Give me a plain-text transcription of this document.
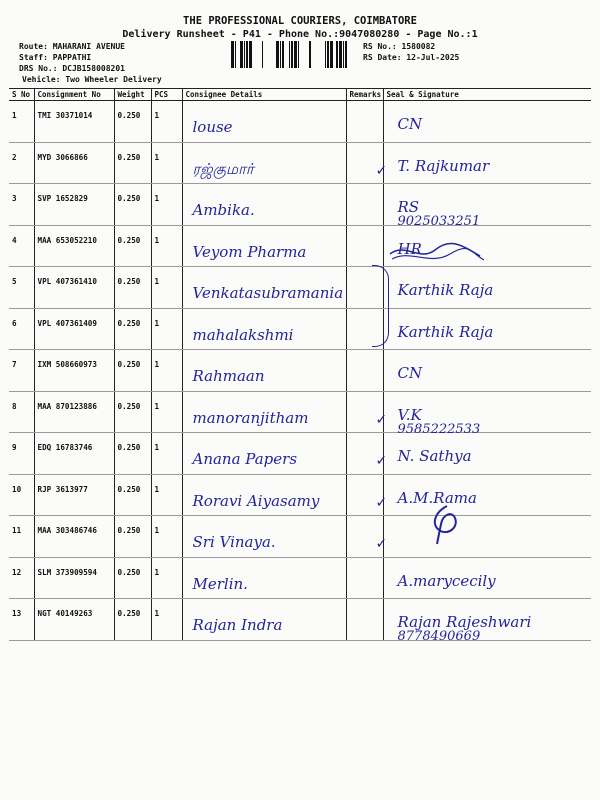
THE PROFESSIONAL COURIERS, COIMBATORE
Delivery Runsheet - P41 - Phone No.:9047080280 - Page No.:1
Route: MAHARANI AVENUE
Staff: PAPPATHI
DRS No.: DCJB158008201
Vehicle: Two Wheeler Delivery
RS No.: 1580082
RS Date: 12-Jul-2025
S No	Consignment No	Weight	PCS	Consignee Details	Remarks	Seal & Signature
1	TMI 30371014	0.250	1	louse		CN

2	MYD 3066866	0.250	1	ரஜ்குமார்		✓ T. Rajkumar

3	SVP 1652829	0.250	1	Ambika.		RS
9025033251

4	MAA 653052210	0.250	1	Veyom Pharma		HR

5	VPL 407361410	0.250	1	Venkatasubramania		Karthik Raja

6	VPL 407361409	0.250	1	mahalakshmi		Karthik Raja

7	IXM 508660973	0.250	1	Rahmaan		CN

8	MAA 870123886	0.250	1	manoranjitham		✓ V.K
9585222533

9	EDQ 16783746	0.250	1	Anana Papers		✓ N. Sathya

10	RJP 3613977	0.250	1	Roravi Aiyasamy		✓ A.M.Rama

11	MAA 303486746	0.250	1	Sri Vinaya.		✓

12	SLM 373909594	0.250	1	Merlin.		A.marycecily

13	NGT 40149263	0.250	1	Rajan Indra		Rajan Rajeshwari
8778490669
